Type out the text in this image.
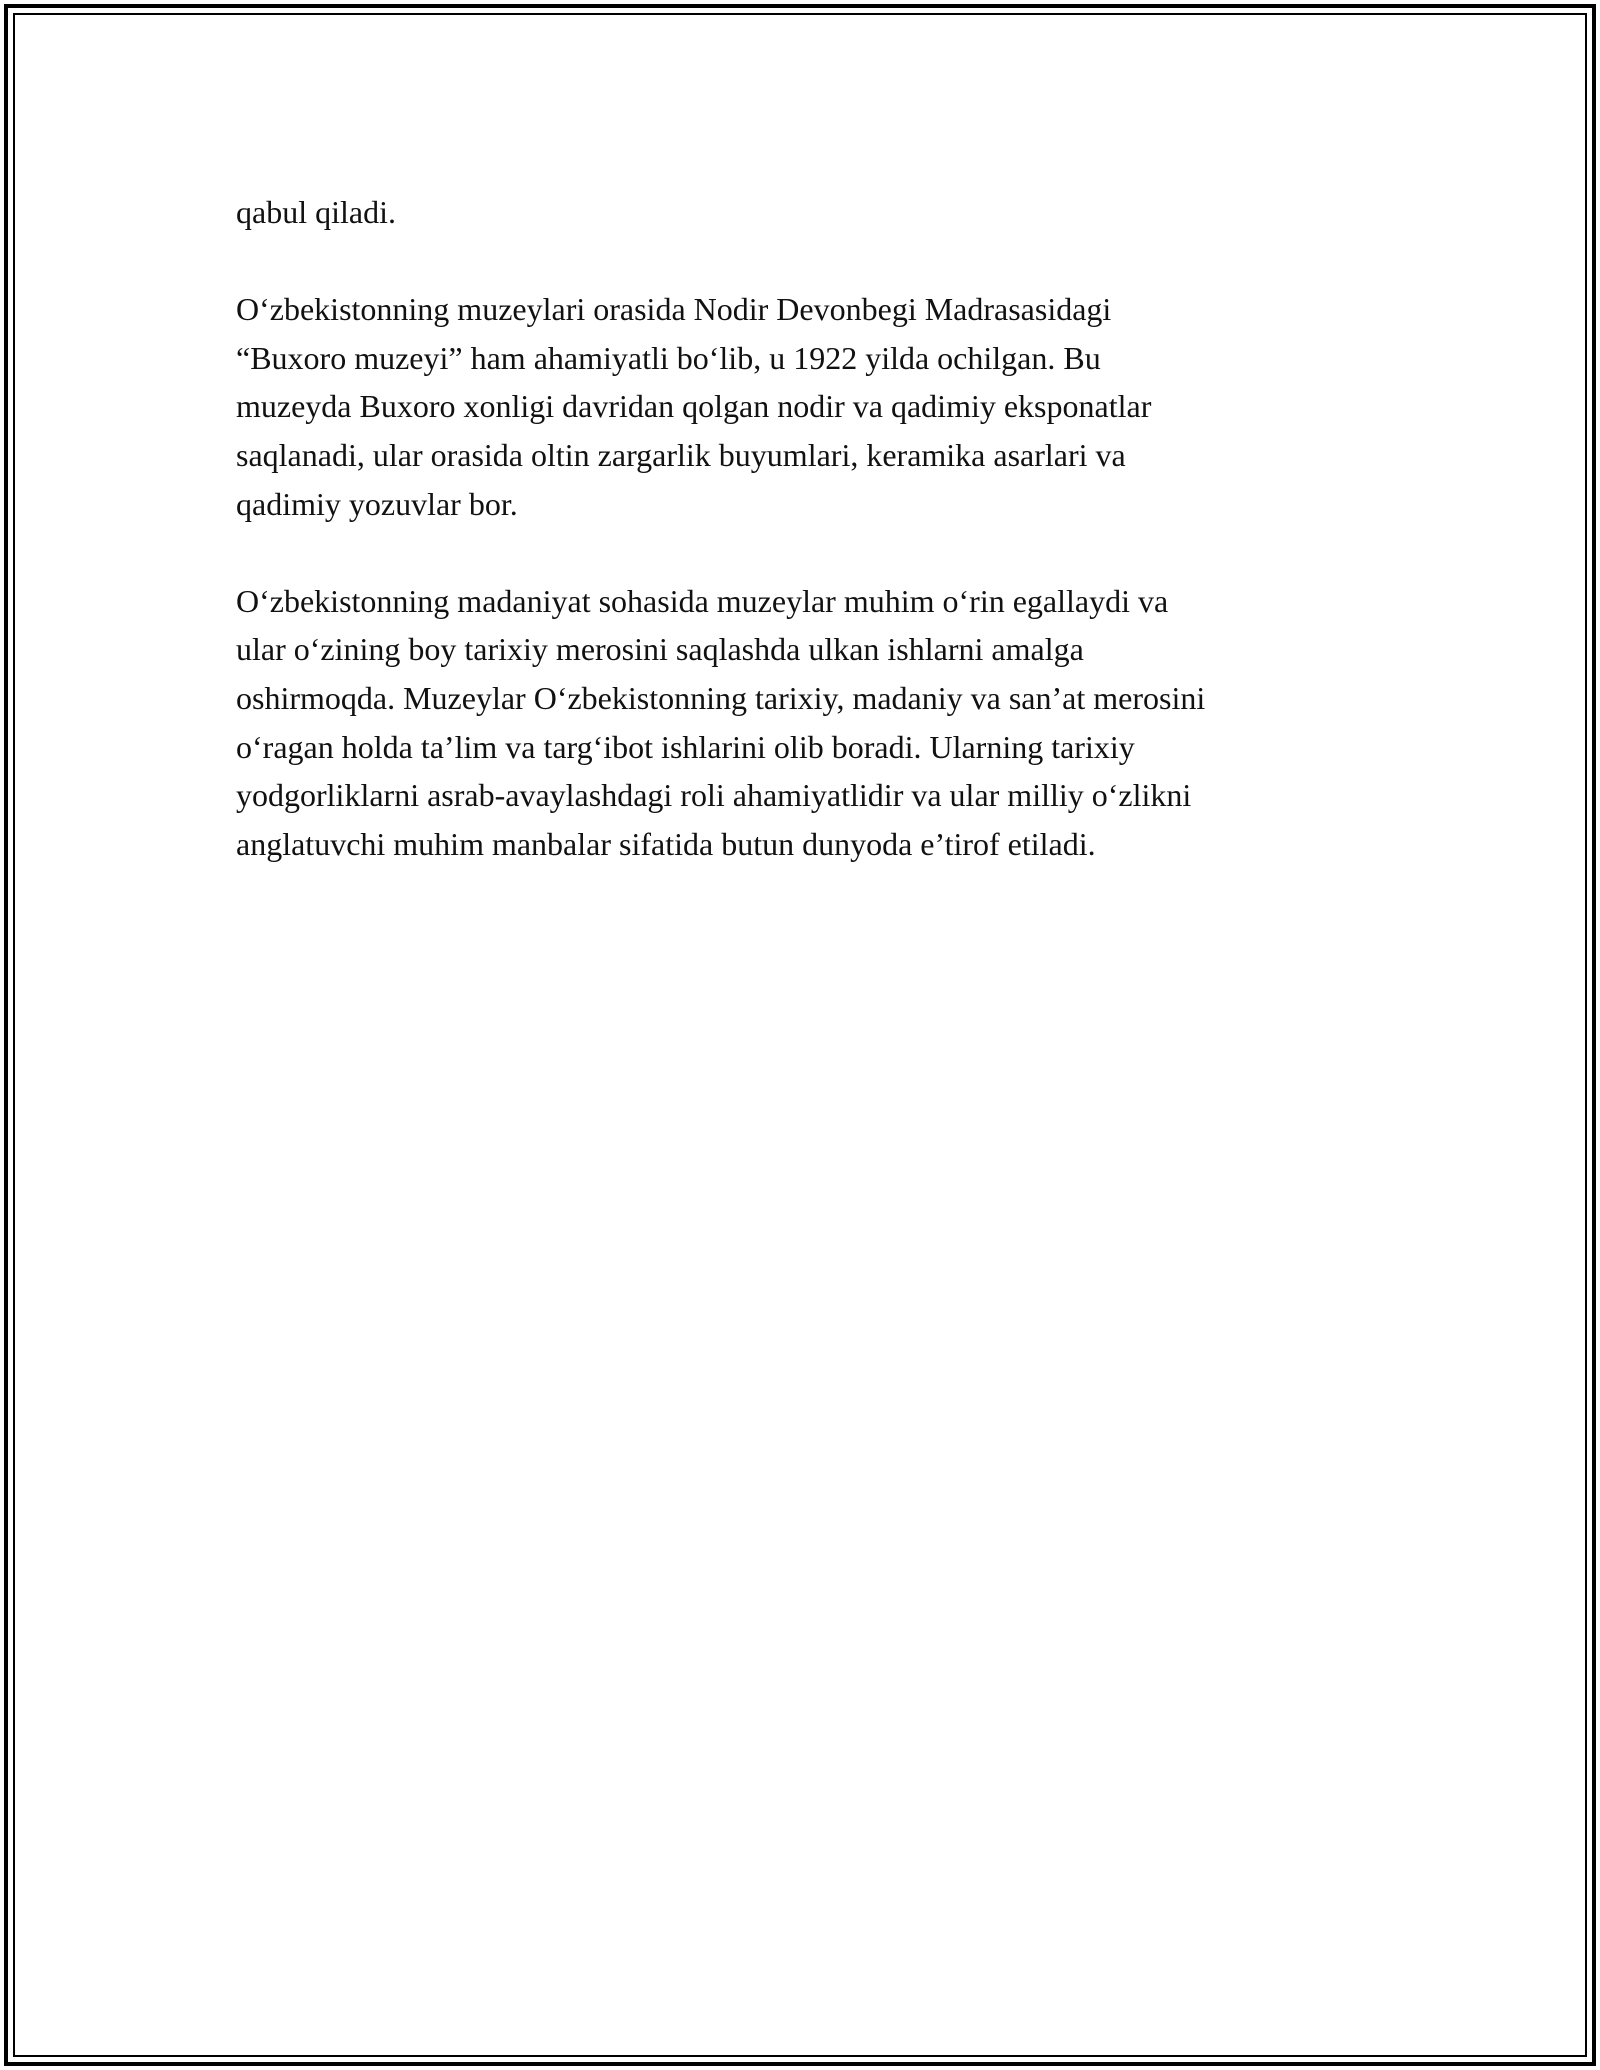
qabul qiladi.

O‘zbekistonning muzeylari orasida Nodir Devonbegi Madrasasidagi
“Buxoro muzeyi” ham ahamiyatli bo‘lib, u 1922 yilda ochilgan. Bu
muzeyda Buxoro xonligi davridan qolgan nodir va qadimiy eksponatlar
saqlanadi, ular orasida oltin zargarlik buyumlari, keramika asarlari va
qadimiy yozuvlar bor.

O‘zbekistonning madaniyat sohasida muzeylar muhim o‘rin egallaydi va
ular o‘zining boy tarixiy merosini saqlashda ulkan ishlarni amalga
oshirmoqda. Muzeylar O‘zbekistonning tarixiy, madaniy va san’at merosini
o‘ragan holda ta’lim va targ‘ibot ishlarini olib boradi. Ularning tarixiy
yodgorliklarni asrab-avaylashdagi roli ahamiyatlidir va ular milliy o‘zlikni
anglatuvchi muhim manbalar sifatida butun dunyoda e’tirof etiladi.
